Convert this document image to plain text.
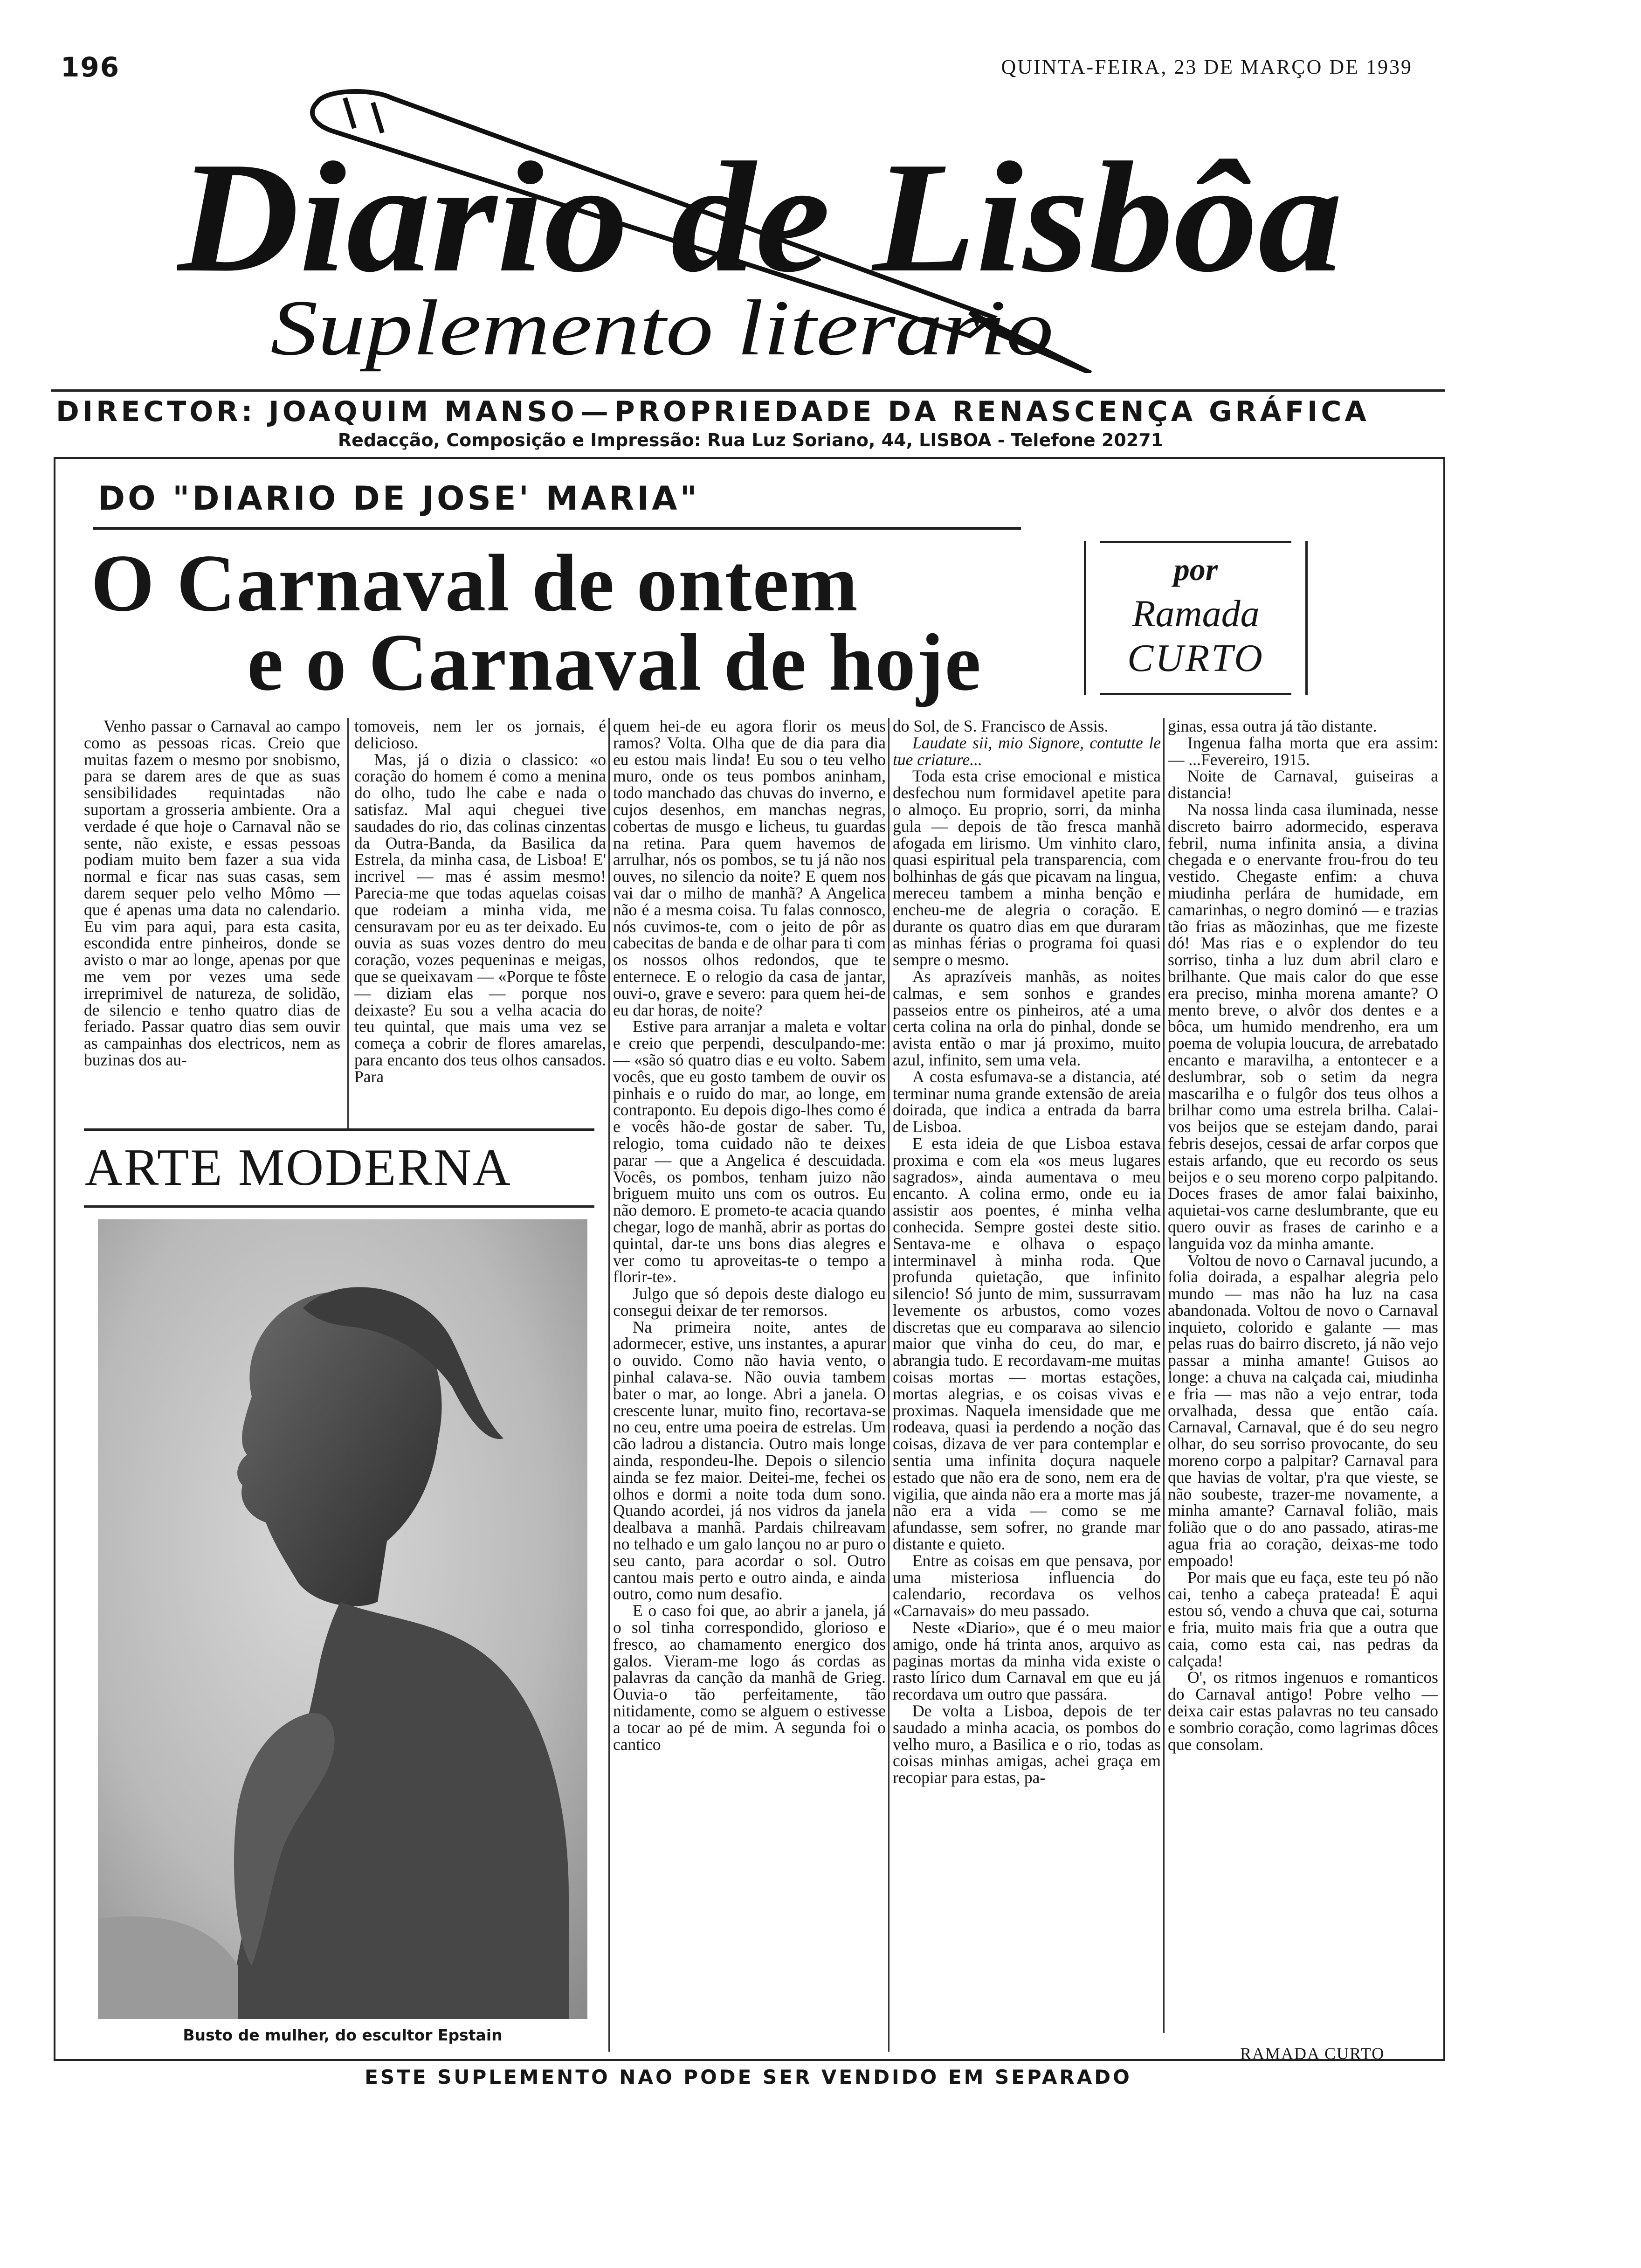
196	QUINTA-FEIRA, 23 DE MARÇO DE 1939
Diario de Lisbôa
Suplemento literario
DIRECTOR: JOAQUIM MANSO — PROPRIEDADE DA RENASCENÇA GRÁFICA
Redacção, Composição e Impressão: Rua Luz Soriano, 44, LISBOA - Telefone 20271
DO "DIARIO DE JOSE' MARIA"
O Carnaval de ontem
e o Carnaval de hoje
por
Ramada
CURTO

Venho passar o Carnaval ao campo como as pessoas ricas. Creio que muitas fazem o mesmo por snobismo, para se darem ares de que as suas sensibilidades requintadas não suportam a grosseria ambiente. Ora a verdade é que hoje o Carnaval não se sente, não existe, e essas pessoas podiam muito bem fazer a sua vida normal e ficar nas suas casas, sem darem sequer pelo velho Mômo — que é apenas uma data no calendario. Eu vim para aqui, para esta casita, escondida entre pinheiros, donde se avisto o mar ao longe, apenas por que me vem por vezes uma sede irreprimivel de natureza, de solidão, de silencio e tenho quatro dias de feriado. Passar quatro dias sem ouvir as campainhas dos electricos, nem as buzinas dos au-

tomoveis, nem ler os jornais, é delicioso.

Mas, já o dizia o classico: «o coração do homem é como a menina do olho, tudo lhe cabe e nada o satisfaz. Mal aqui cheguei tive saudades do rio, das colinas cinzentas da Outra-Banda, da Basilica da Estrela, da minha casa, de Lisboa! E' incrivel — mas é assim mesmo! Parecia-me que todas aquelas coisas que rodeiam a minha vida, me censuravam por eu as ter deixado. Eu ouvia as suas vozes dentro do meu coração, vozes pequeninas e meigas, que se queixavam — «Porque te fôste — diziam elas — porque nos deixaste? Eu sou a velha acacia do teu quintal, que mais uma vez se começa a cobrir de flores amarelas, para encanto dos teus olhos cansados. Para

ARTE MODERNA
Busto de mulher, do escultor Epstain

quem hei-de eu agora florir os meus ramos? Volta. Olha que de dia para dia eu estou mais linda! Eu sou o teu velho muro, onde os teus pombos aninham, todo manchado das chuvas do inverno, e cujos desenhos, em manchas negras, cobertas de musgo e licheus, tu guardas na retina. Para quem havemos de arrulhar, nós os pombos, se tu já não nos ouves, no silencio da noite? E quem nos vai dar o milho de manhã? A Angelica não é a mesma coisa. Tu falas connosco, nós cuvimos-te, com o jeito de pôr as cabecitas de banda e de olhar para ti com os nossos olhos redondos, que te enternece. E o relogio da casa de jantar, ouvi-o, grave e severo: para quem hei-de eu dar horas, de noite?

Estive para arranjar a maleta e voltar e creio que perpendi, desculpando-me: — «são só quatro dias e eu volto. Sabem vocês, que eu gosto tambem de ouvir os pinhais e o ruido do mar, ao longe, em contraponto. Eu depois digo-lhes como é e vocês hão-de gostar de saber. Tu, relogio, toma cuidado não te deixes parar — que a Angelica é descuidada. Vocês, os pombos, tenham juizo não briguem muito uns com os outros. Eu não demoro. E prometo-te acacia quando chegar, logo de manhã, abrir as portas do quintal, dar-te uns bons dias alegres e ver como tu aproveitas-te o tempo a florir-te».

Julgo que só depois deste dialogo eu consegui deixar de ter remorsos.

Na primeira noite, antes de adormecer, estive, uns instantes, a apurar o ouvido. Como não havia vento, o pinhal calava-se. Não ouvia tambem bater o mar, ao longe. Abri a janela. O crescente lunar, muito fino, recortava-se no ceu, entre uma poeira de estrelas. Um cão ladrou a distancia. Outro mais longe ainda, respondeu-lhe. Depois o silencio ainda se fez maior. Deitei-me, fechei os olhos e dormi a noite toda dum sono. Quando acordei, já nos vidros da janela dealbava a manhã. Pardais chilreavam no telhado e um galo lançou no ar puro o seu canto, para acordar o sol. Outro cantou mais perto e outro ainda, e ainda outro, como num desafio.

E o caso foi que, ao abrir a janela, já o sol tinha correspondido, glorioso e fresco, ao chamamento energico dos galos. Vieram-me logo ás cordas as palavras da canção da manhã de Grieg. Ouvia-o tão perfeitamente, tão nitidamente, como se alguem o estivesse a tocar ao pé de mim. A segunda foi o cantico

do Sol, de S. Francisco de Assis.

Laudate sii, mio Signore, contutte le tue criature...

Toda esta crise emocional e mistica desfechou num formidavel apetite para o almoço. Eu proprio, sorri, da minha gula — depois de tão fresca manhã afogada em lirismo. Um vinhito claro, quasi espiritual pela transparencia, com bolhinhas de gás que picavam na lingua, mereceu tambem a minha benção e encheu-me de alegria o coração. E durante os quatro dias em que duraram as minhas férias o programa foi quasi sempre o mesmo.

As aprazíveis manhãs, as noites calmas, e sem sonhos e grandes passeios entre os pinheiros, até a uma certa colina na orla do pinhal, donde se avista então o mar já proximo, muito azul, infinito, sem uma vela.

A costa esfumava-se a distancia, até terminar numa grande extensão de areia doirada, que indica a entrada da barra de Lisboa.

E esta ideia de que Lisboa estava proxima e com ela «os meus lugares sagrados», ainda aumentava o meu encanto. A colina ermo, onde eu ia assistir aos poentes, é minha velha conhecida. Sempre gostei deste sitio. Sentava-me e olhava o espaço interminavel à minha roda. Que profunda quietação, que infinito silencio! Só junto de mim, sussurravam levemente os arbustos, como vozes discretas que eu comparava ao silencio maior que vinha do ceu, do mar, e abrangia tudo. E recordavam-me muitas coisas mortas — mortas estações, mortas alegrias, e os coisas vivas e proximas. Naquela imensidade que me rodeava, quasi ia perdendo a noção das coisas, dizava de ver para contemplar e sentia uma infinita doçura naquele estado que não era de sono, nem era de vigilia, que ainda não era a morte mas já não era a vida — como se me afundasse, sem sofrer, no grande mar distante e quieto.

Entre as coisas em que pensava, por uma misteriosa influencia do calendario, recordava os velhos «Carnavais» do meu passado.

Neste «Diario», que é o meu maior amigo, onde há trinta anos, arquivo as paginas mortas da minha vida existe o rasto lírico dum Carnaval em que eu já recordava um outro que passára.

De volta a Lisboa, depois de ter saudado a minha acacia, os pombos do velho muro, a Basilica e o rio, todas as coisas minhas amigas, achei graça em recopiar para estas, pa-

ginas, essa outra já tão distante.

Ingenua falha morta que era assim: — ...Fevereiro, 1915.

Noite de Carnaval, guiseiras a distancia!

Na nossa linda casa iluminada, nesse discreto bairro adormecido, esperava febril, numa infinita ansia, a divina chegada e o enervante frou-frou do teu vestido. Chegaste enfim: a chuva miudinha perlára de humidade, em camarinhas, o negro dominó — e trazias tão frias as mãozinhas, que me fizeste dó! Mas rias e o explendor do teu sorriso, tinha a luz dum abril claro e brilhante. Que mais calor do que esse era preciso, minha morena amante? O mento breve, o alvôr dos dentes e a bôca, um humido mendrenho, era um poema de volupia loucura, de arrebatado encanto e maravilha, a entontecer e a deslumbrar, sob o setim da negra mascarilha e o fulgôr dos teus olhos a brilhar como uma estrela brilha. Calai-vos beijos que se estejam dando, parai febris desejos, cessai de arfar corpos que estais arfando, que eu recordo os seus beijos e o seu moreno corpo palpitando. Doces frases de amor falai baixinho, aquietai-vos carne deslumbrante, que eu quero ouvir as frases de carinho e a languida voz da minha amante.

Voltou de novo o Carnaval jucundo, a folia doirada, a espalhar alegria pelo mundo — mas não ha luz na casa abandonada. Voltou de novo o Carnaval inquieto, colorido e galante — mas pelas ruas do bairro discreto, já não vejo passar a minha amante! Guisos ao longe: a chuva na calçada cai, miudinha e fria — mas não a vejo entrar, toda orvalhada, dessa que então caía. Carnaval, Carnaval, que é do seu negro olhar, do seu sorriso provocante, do seu moreno corpo a palpitar? Carnaval para que havias de voltar, p'ra que vieste, se não soubeste, trazer-me novamente, a minha amante? Carnaval folião, mais folião que o do ano passado, atiras-me agua fria ao coração, deixas-me todo empoado!

Por mais que eu faça, este teu pó não cai, tenho a cabeça prateada! E aqui estou só, vendo a chuva que cai, soturna e fria, muito mais fria que a outra que caia, como esta cai, nas pedras da calçada!

O', os ritmos ingenuos e romanticos do Carnaval antigo! Pobre velho — deixa cair estas palavras no teu cansado e sombrio coração, como lagrimas dôces que consolam.

RAMADA CURTO
ESTE SUPLEMENTO NAO PODE SER VENDIDO EM SEPARADO
